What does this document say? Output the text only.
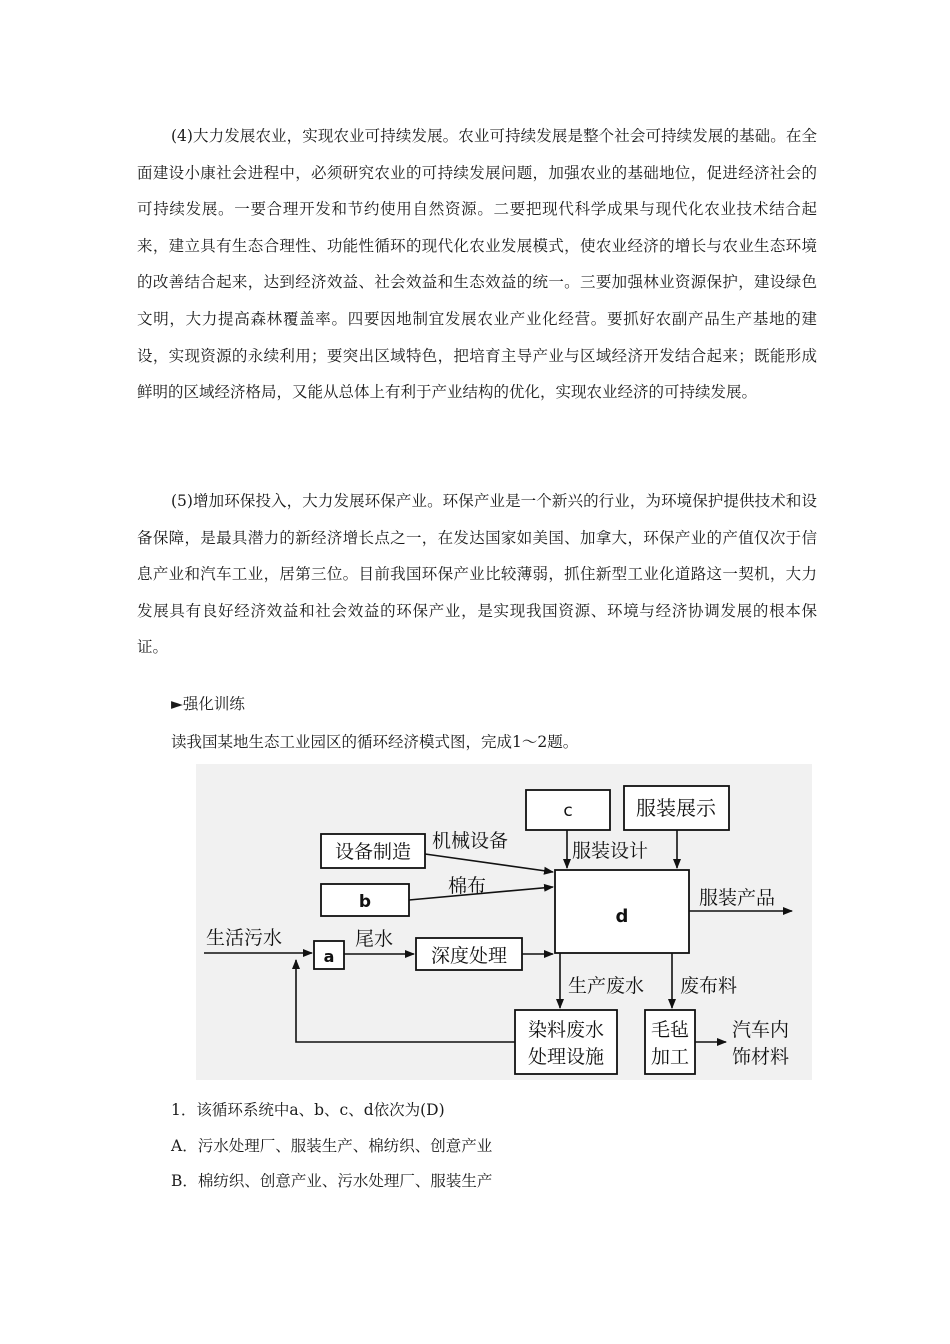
(4)大力发展农业，实现农业可持续发展。农业可持续发展是整个社会可持续发展的基础。在全面建设小康社会进程中，必须研究农业的可持续发展问题，加强农业的基础地位，促进经济社会的可持续发展。一要合理开发和节约使用自然资源。二要把现代科学成果与现代化农业技术结合起来，建立具有生态合理性、功能性循环的现代化农业发展模式，使农业经济的增长与农业生态环境的改善结合起来，达到经济效益、社会效益和生态效益的统一。三要加强林业资源保护，建设绿色文明，大力提高森林覆盖率。四要因地制宜发展农业产业化经营。要抓好农副产品生产基地的建设，实现资源的永续利用；要突出区域特色，把培育主导产业与区域经济开发结合起来；既能形成鲜明的区域经济格局，又能从总体上有利于产业结构的优化，实现农业经济的可持续发展。

(5)增加环保投入，大力发展环保产业。环保产业是一个新兴的行业，为环境保护提供技术和设备保障，是最具潜力的新经济增长点之一，在发达国家如美国、加拿大，环保产业的产值仅次于信息产业和汽车工业，居第三位。目前我国环保产业比较薄弱，抓住新型工业化道路这一契机，大力发展具有良好经济效益和社会效益的环保产业，是实现我国资源、环境与经济协调发展的根本保证。

►强化训练
读我国某地生态工业园区的循环经济模式图，完成1～2题。
c	服装展示
设备制造 机械设备	服装设计
b
棉布
d
服装产品
生活污水
a
尾水
深度处理
生产废水 废布料
染料废水
处理设施
毛毡
加工
汽车内
饰材料
1．该循环系统中a、b、c、d依次为(D)
A．污水处理厂、服装生产、棉纺织、创意产业
B．棉纺织、创意产业、污水处理厂、服装生产
